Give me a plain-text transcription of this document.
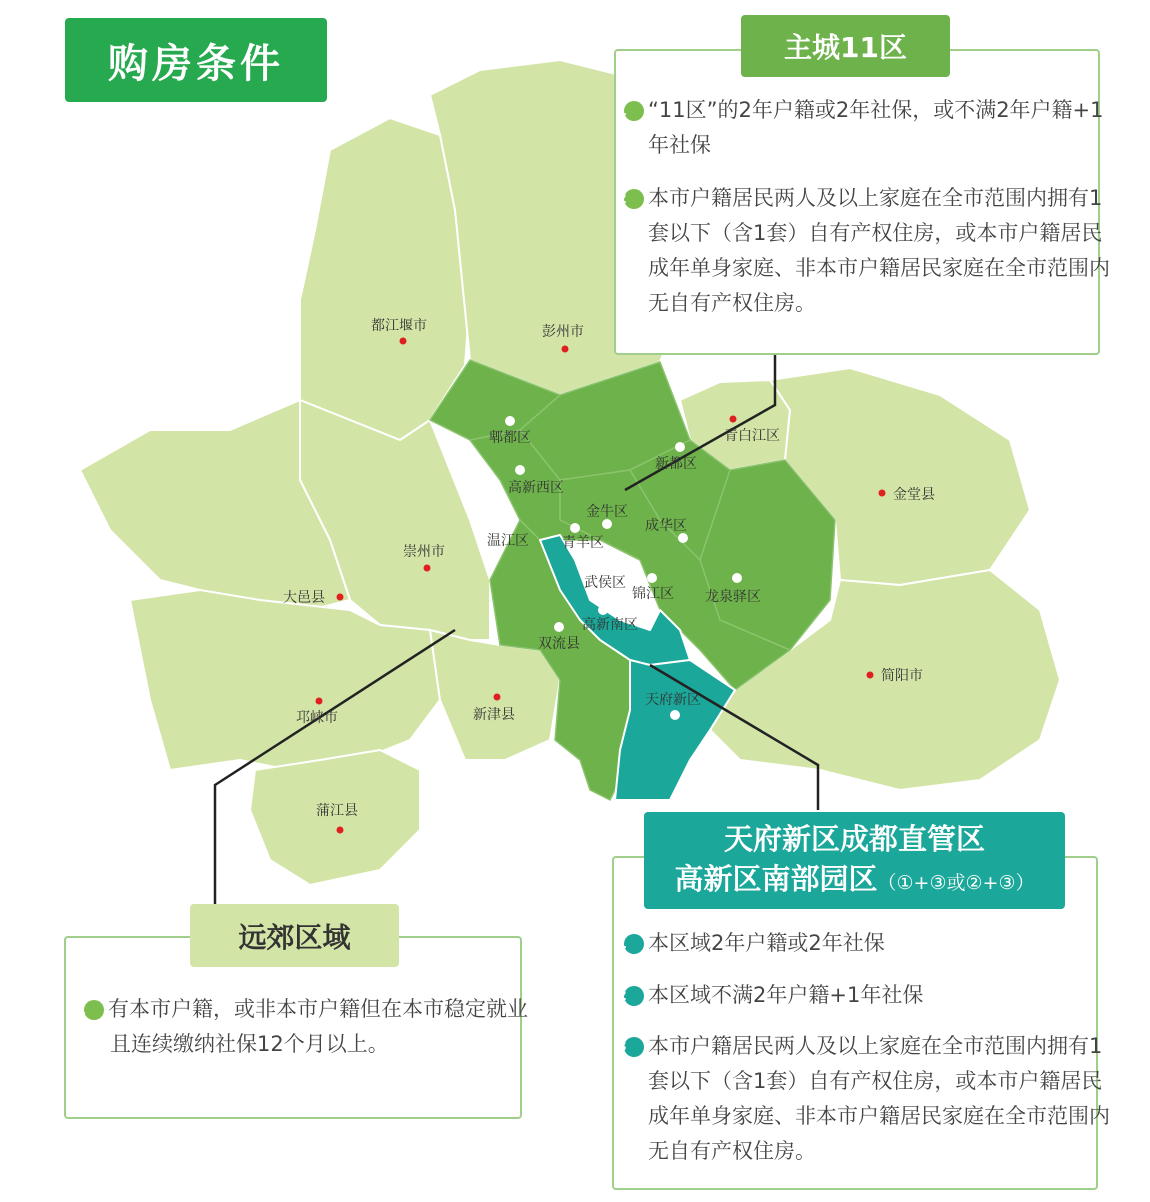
都江堰市	彭州市
郫都区
新都区
青白江区
金堂县
高新西区
金牛区
成华区
温江区 青羊区
崇州市
武侯区
锦江区 龙泉驿区
大邑县
高新南区
双流县
简阳市
天府新区
邛崃市	新津县
蒲江县
购房条件	主城11区
1 “11区”的2年户籍或2年社保，或不满2年户籍+1年社保
2 本市户籍居民两人及以上家庭在全市范围内拥有1套以下（含1套）自有产权住房，或本市户籍居民成年单身家庭、非本市户籍居民家庭在全市范围内无自有产权住房。
天府新区成都直管区
高新区南部园区（①+③或②+③）
1 本区域2年户籍或2年社保
2 本区域不满2年户籍+1年社保
3 本市户籍居民两人及以上家庭在全市范围内拥有1套以下（含1套）自有产权住房，或本市户籍居民成年单身家庭、非本市户籍居民家庭在全市范围内无自有产权住房。
远郊区域
1 有本市户籍，或非本市户籍但在本市稳定就业且连续缴纳社保12个月以上。
